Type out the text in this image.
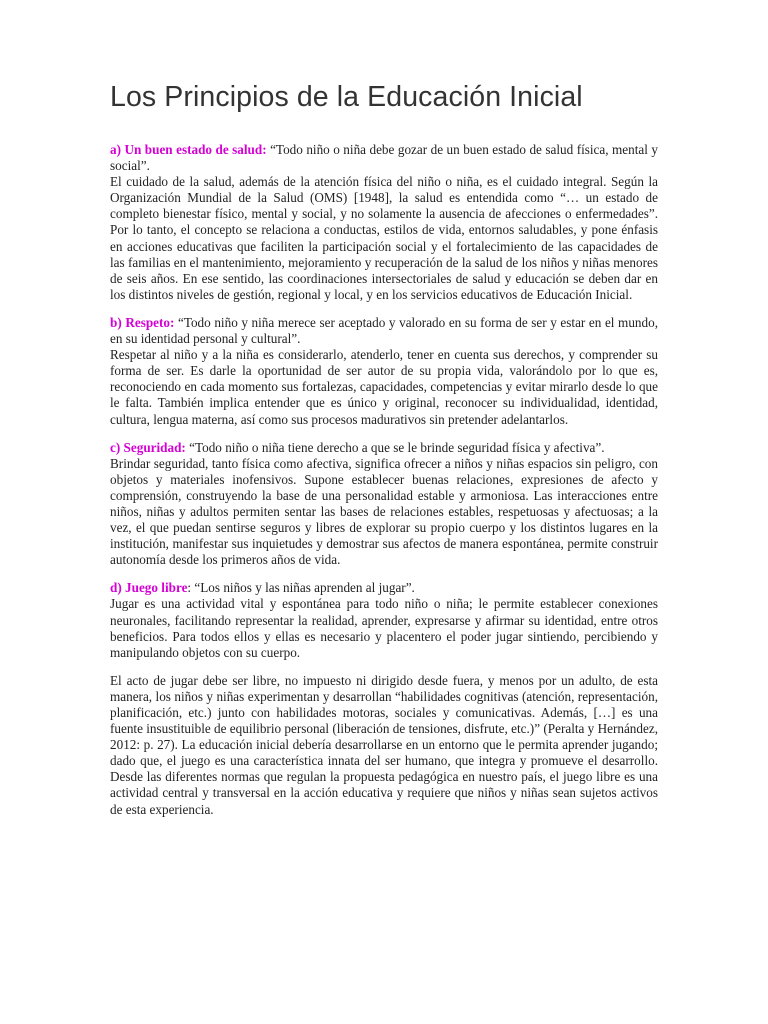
Los Principios de la Educación Inicial

a) Un buen estado de salud: “Todo niño o niña debe gozar de un buen estado de salud física, mental y social”.

El cuidado de la salud, además de la atención física del niño o niña, es el cuidado integral. Según la Organización Mundial de la Salud (OMS) [1948], la salud es entendida como “… un estado de completo bienestar físico, mental y social, y no solamente la ausencia de afecciones o enfermedades”. Por lo tanto, el concepto se relaciona a conductas, estilos de vida, entornos saludables, y pone énfasis en acciones educativas que faciliten la participación social y el fortalecimiento de las capacidades de las familias en el mantenimiento, mejoramiento y recuperación de la salud de los niños y niñas menores de seis años. En ese sentido, las coordinaciones intersectoriales de salud y educación se deben dar en los distintos niveles de gestión, regional y local, y en los servicios educativos de Educación Inicial.

b) Respeto: “Todo niño y niña merece ser aceptado y valorado en su forma de ser y estar en el mundo, en su identidad personal y cultural”.

Respetar al niño y a la niña es considerarlo, atenderlo, tener en cuenta sus derechos, y comprender su forma de ser. Es darle la oportunidad de ser autor de su propia vida, valorándolo por lo que es, reconociendo en cada momento sus fortalezas, capacidades, competencias y evitar mirarlo desde lo que le falta. También implica entender que es único y original, reconocer su individualidad, identidad, cultura, lengua materna, así como sus procesos madurativos sin pretender adelantarlos.

c) Seguridad: “Todo niño o niña tiene derecho a que se le brinde seguridad física y afectiva”.

Brindar seguridad, tanto física como afectiva, significa ofrecer a niños y niñas espacios sin peligro, con objetos y materiales inofensivos. Supone establecer buenas relaciones, expresiones de afecto y comprensión, construyendo la base de una personalidad estable y armoniosa. Las interacciones entre niños, niñas y adultos permiten sentar las bases de relaciones estables, respetuosas y afectuosas; a la vez, el que puedan sentirse seguros y libres de explorar su propio cuerpo y los distintos lugares en la institución, manifestar sus inquietudes y demostrar sus afectos de manera espontánea, permite construir autonomía desde los primeros años de vida.

d) Juego libre: “Los niños y las niñas aprenden al jugar”.

Jugar es una actividad vital y espontánea para todo niño o niña; le permite establecer conexiones neuronales, facilitando representar la realidad, aprender, expresarse y afirmar su identidad, entre otros beneficios. Para todos ellos y ellas es necesario y placentero el poder jugar sintiendo, percibiendo y manipulando objetos con su cuerpo.

El acto de jugar debe ser libre, no impuesto ni dirigido desde fuera, y menos por un adulto, de esta manera, los niños y niñas experimentan y desarrollan “habilidades cognitivas (atención, representación, planificación, etc.) junto con habilidades motoras, sociales y comunicativas. Además, […] es una fuente insustituible de equilibrio personal (liberación de tensiones, disfrute, etc.)” (Peralta y Hernández, 2012: p. 27). La educación inicial debería desarrollarse en un entorno que le permita aprender jugando; dado que, el juego es una característica innata del ser humano, que integra y promueve el desarrollo. Desde las diferentes normas que regulan la propuesta pedagógica en nuestro país, el juego libre es una actividad central y transversal en la acción educativa y requiere que niños y niñas sean sujetos activos de esta experiencia.
